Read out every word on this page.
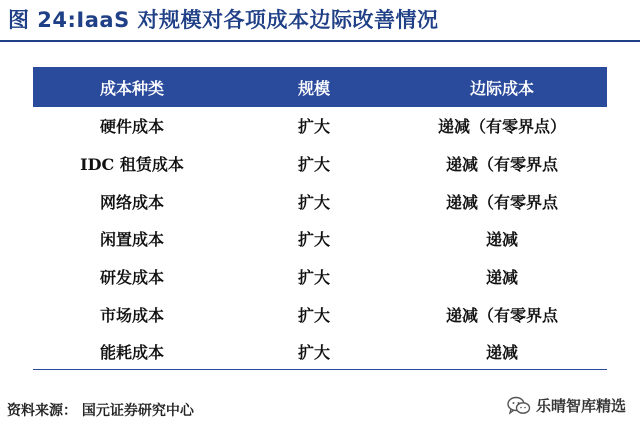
图 24:IaaS 对规模对各项成本边际改善情况
成本种类	规模	边际成本
硬件成本	扩大	递减（有零界点）
IDC 租赁成本	扩大	递减（有零界点
网络成本	扩大	递减（有零界点
闲置成本	扩大	递减
研发成本	扩大	递减
市场成本	扩大	递减（有零界点
能耗成本	扩大	递减
资料来源： 国元证券研究中心	乐晴智库精选
